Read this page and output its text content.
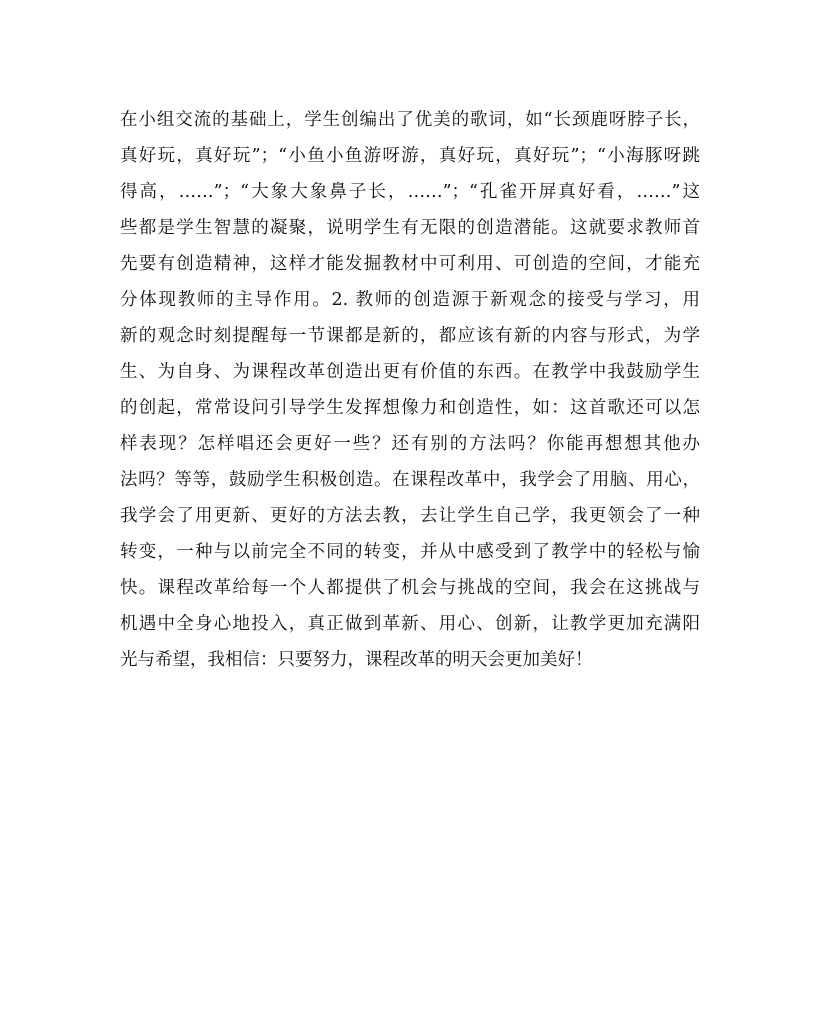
在小组交流的基础上，学生创编出了优美的歌词，如“长颈鹿呀脖子长，
真好玩，真好玩”；“小鱼小鱼游呀游，真好玩，真好玩”；“小海豚呀跳
得高，……”；“大象大象鼻子长，……”；“孔雀开屏真好看，……”这
些都是学生智慧的凝聚，说明学生有无限的创造潜能。这就要求教师首
先要有创造精神，这样才能发掘教材中可利用、可创造的空间，才能充
分体现教师的主导作用。2. 教师的创造源于新观念的接受与学习，用
新的观念时刻提醒每一节课都是新的，都应该有新的内容与形式，为学
生、为自身、为课程改革创造出更有价值的东西。在教学中我鼓励学生
的创起，常常设问引导学生发挥想像力和创造性，如：这首歌还可以怎
样表现？怎样唱还会更好一些？还有别的方法吗？你能再想想其他办
法吗？等等，鼓励学生积极创造。在课程改革中，我学会了用脑、用心，
我学会了用更新、更好的方法去教，去让学生自己学，我更领会了一种
转变，一种与以前完全不同的转变，并从中感受到了教学中的轻松与愉
快。课程改革给每一个人都提供了机会与挑战的空间，我会在这挑战与
机遇中全身心地投入，真正做到革新、用心、创新，让教学更加充满阳
光与希望，我相信：只要努力，课程改革的明天会更加美好！
